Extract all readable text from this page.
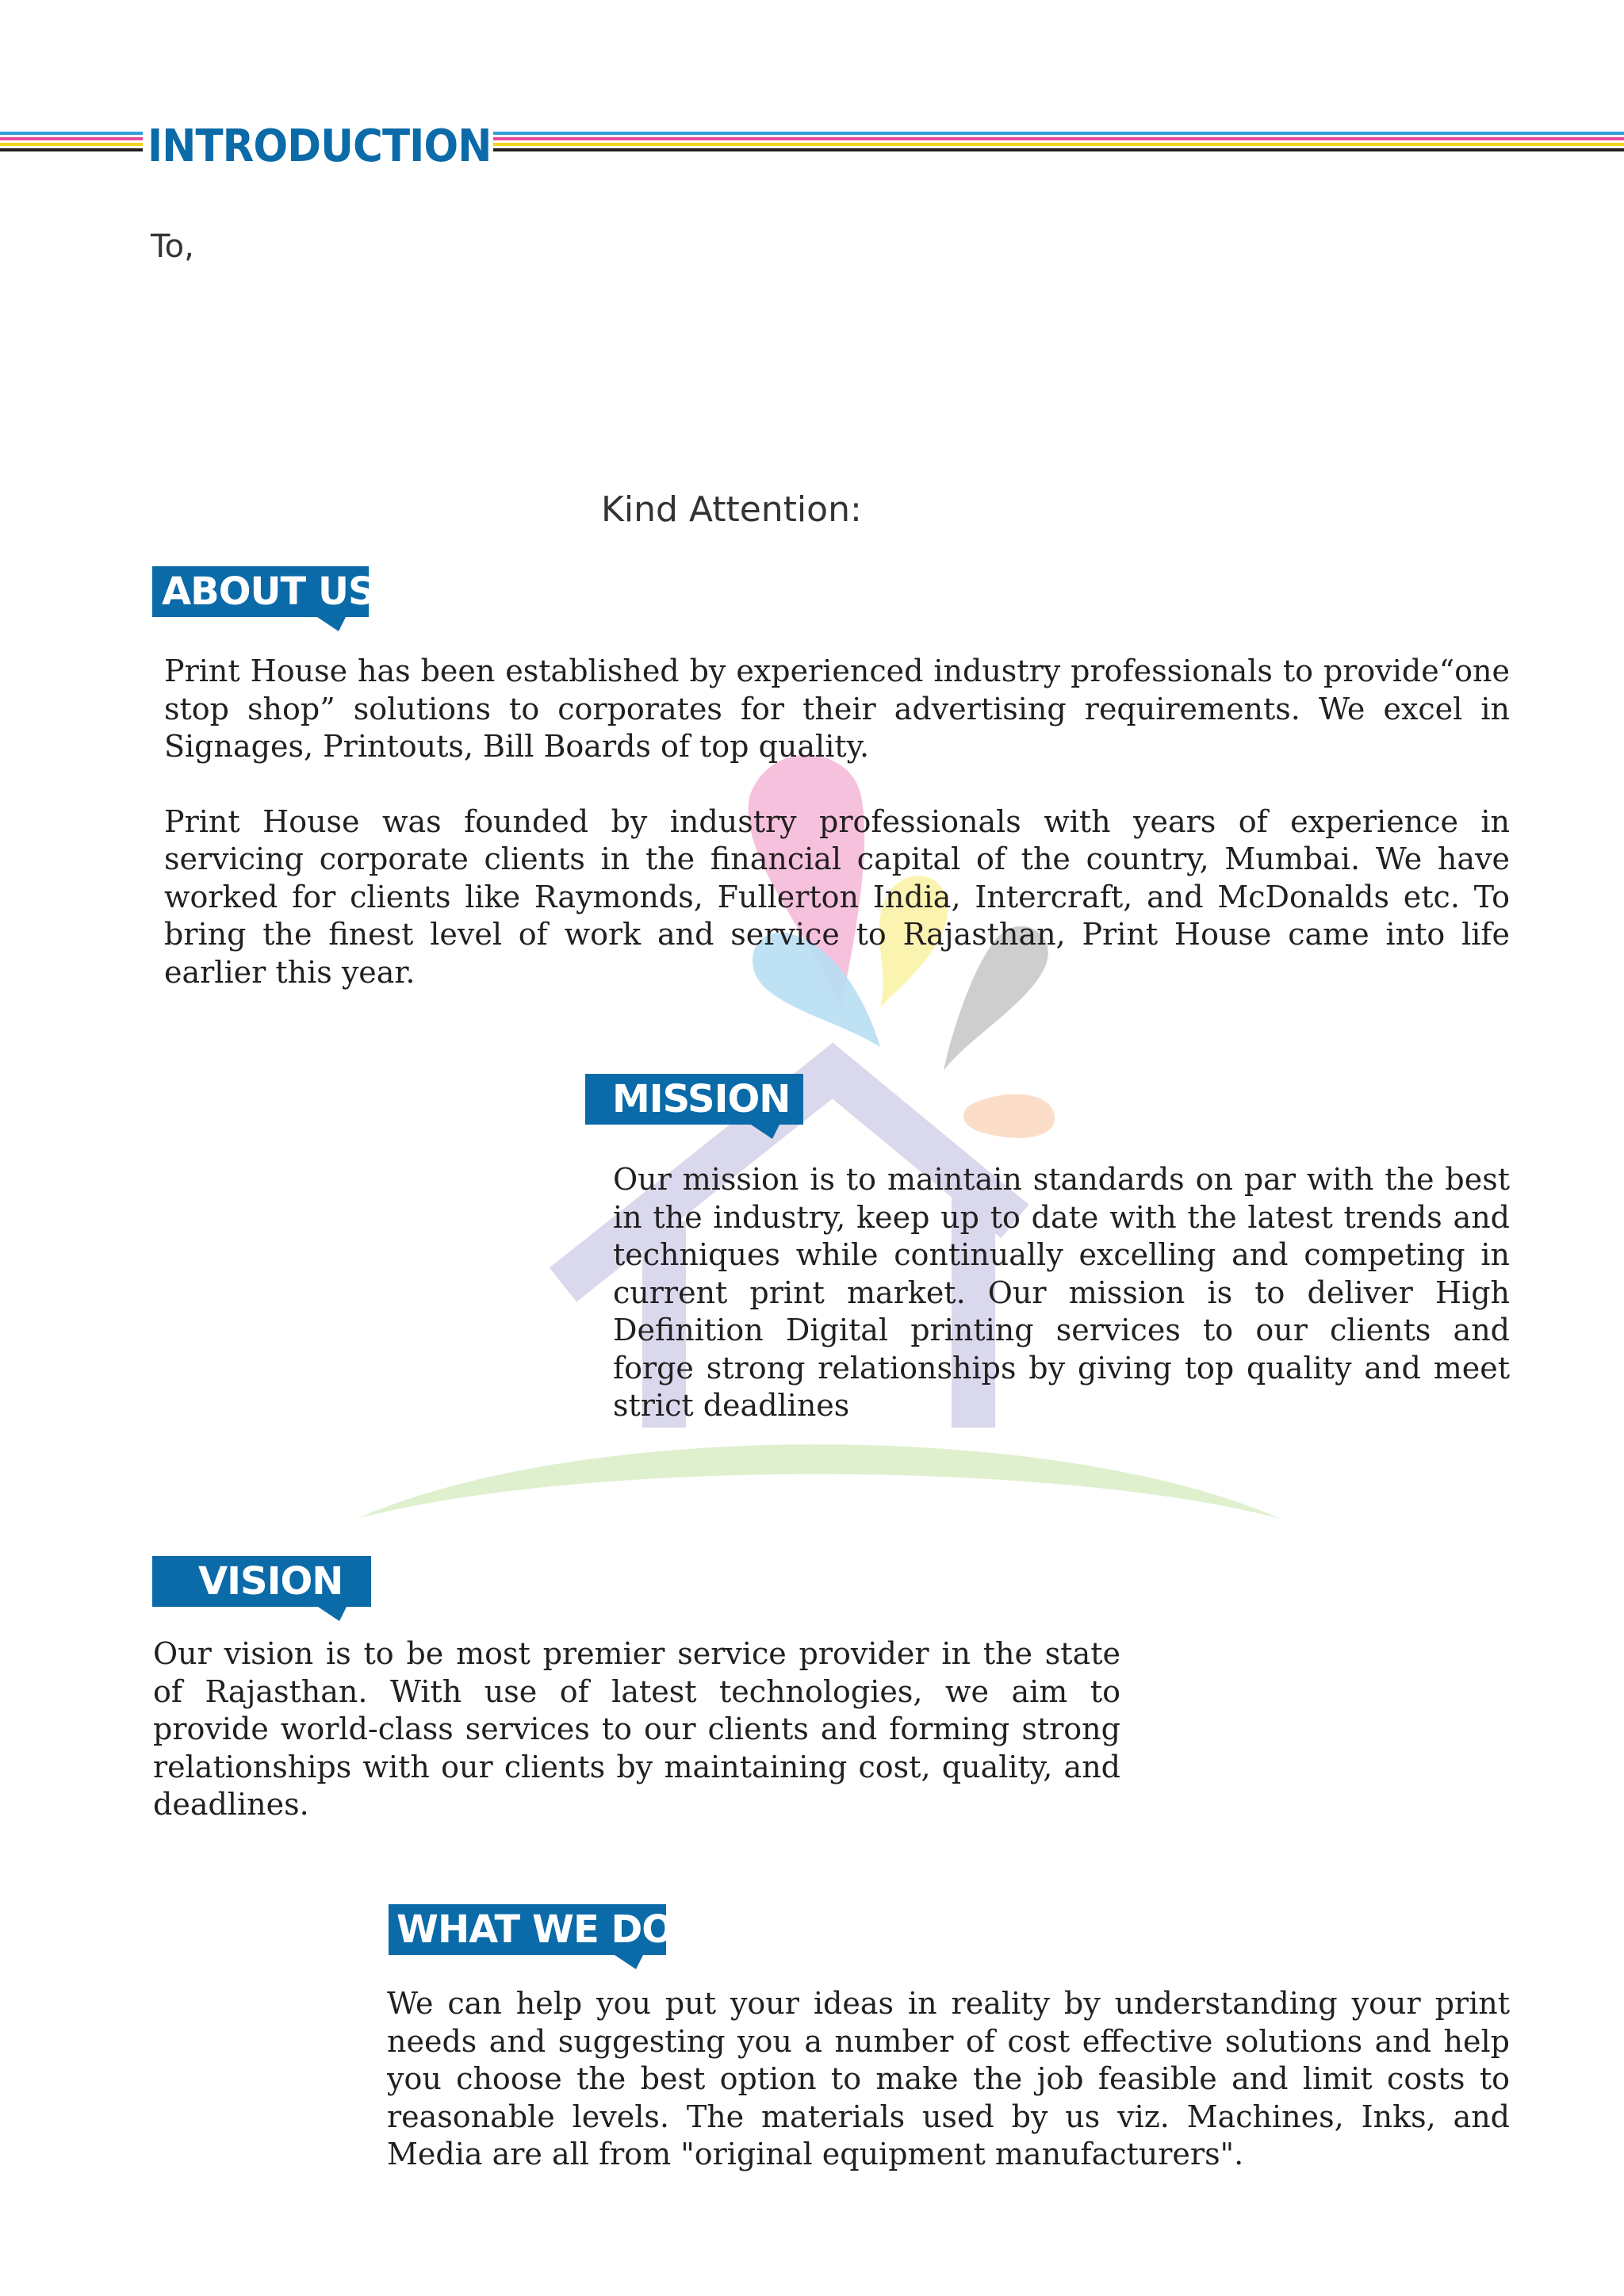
INTRODUCTION
To,
Kind Attention:
ABOUT US

Print House has been established by experienced industry professionals to provide“one stop shop” solutions to corporates for their advertising requirements. We excel in Signages, Printouts, Bill Boards of top quality.

Print House was founded by industry professionals with years of experience in servicing corporate clients in the financial capital of the country, Mumbai. We have worked for clients like Raymonds, Fullerton India, Intercraft, and McDonalds etc. To bring the finest level of work and service to Rajasthan, Print House came into life earlier this year.

MISSION
Our mission is to maintain standards on par with the best in the industry, keep up to date with the latest trends and techniques while continually excelling and competing in current print market. Our mission is to deliver High Definition Digital printing services to our clients and forge strong relationships by giving top quality and meet strict deadlines
VISION
Our vision is to be most premier service provider in the state of Rajasthan. With use of latest technologies, we aim to provide world-class services to our clients and forming strong relationships with our clients by maintaining cost, quality, and deadlines.
WHAT WE DO
We can help you put your ideas in reality by understanding your print needs and suggesting you a number of cost effective solutions and help you choose the best option to make the job feasible and limit costs to reasonable levels. The materials used by us viz. Machines, Inks, and Media are all from "original equipment manufacturers".
